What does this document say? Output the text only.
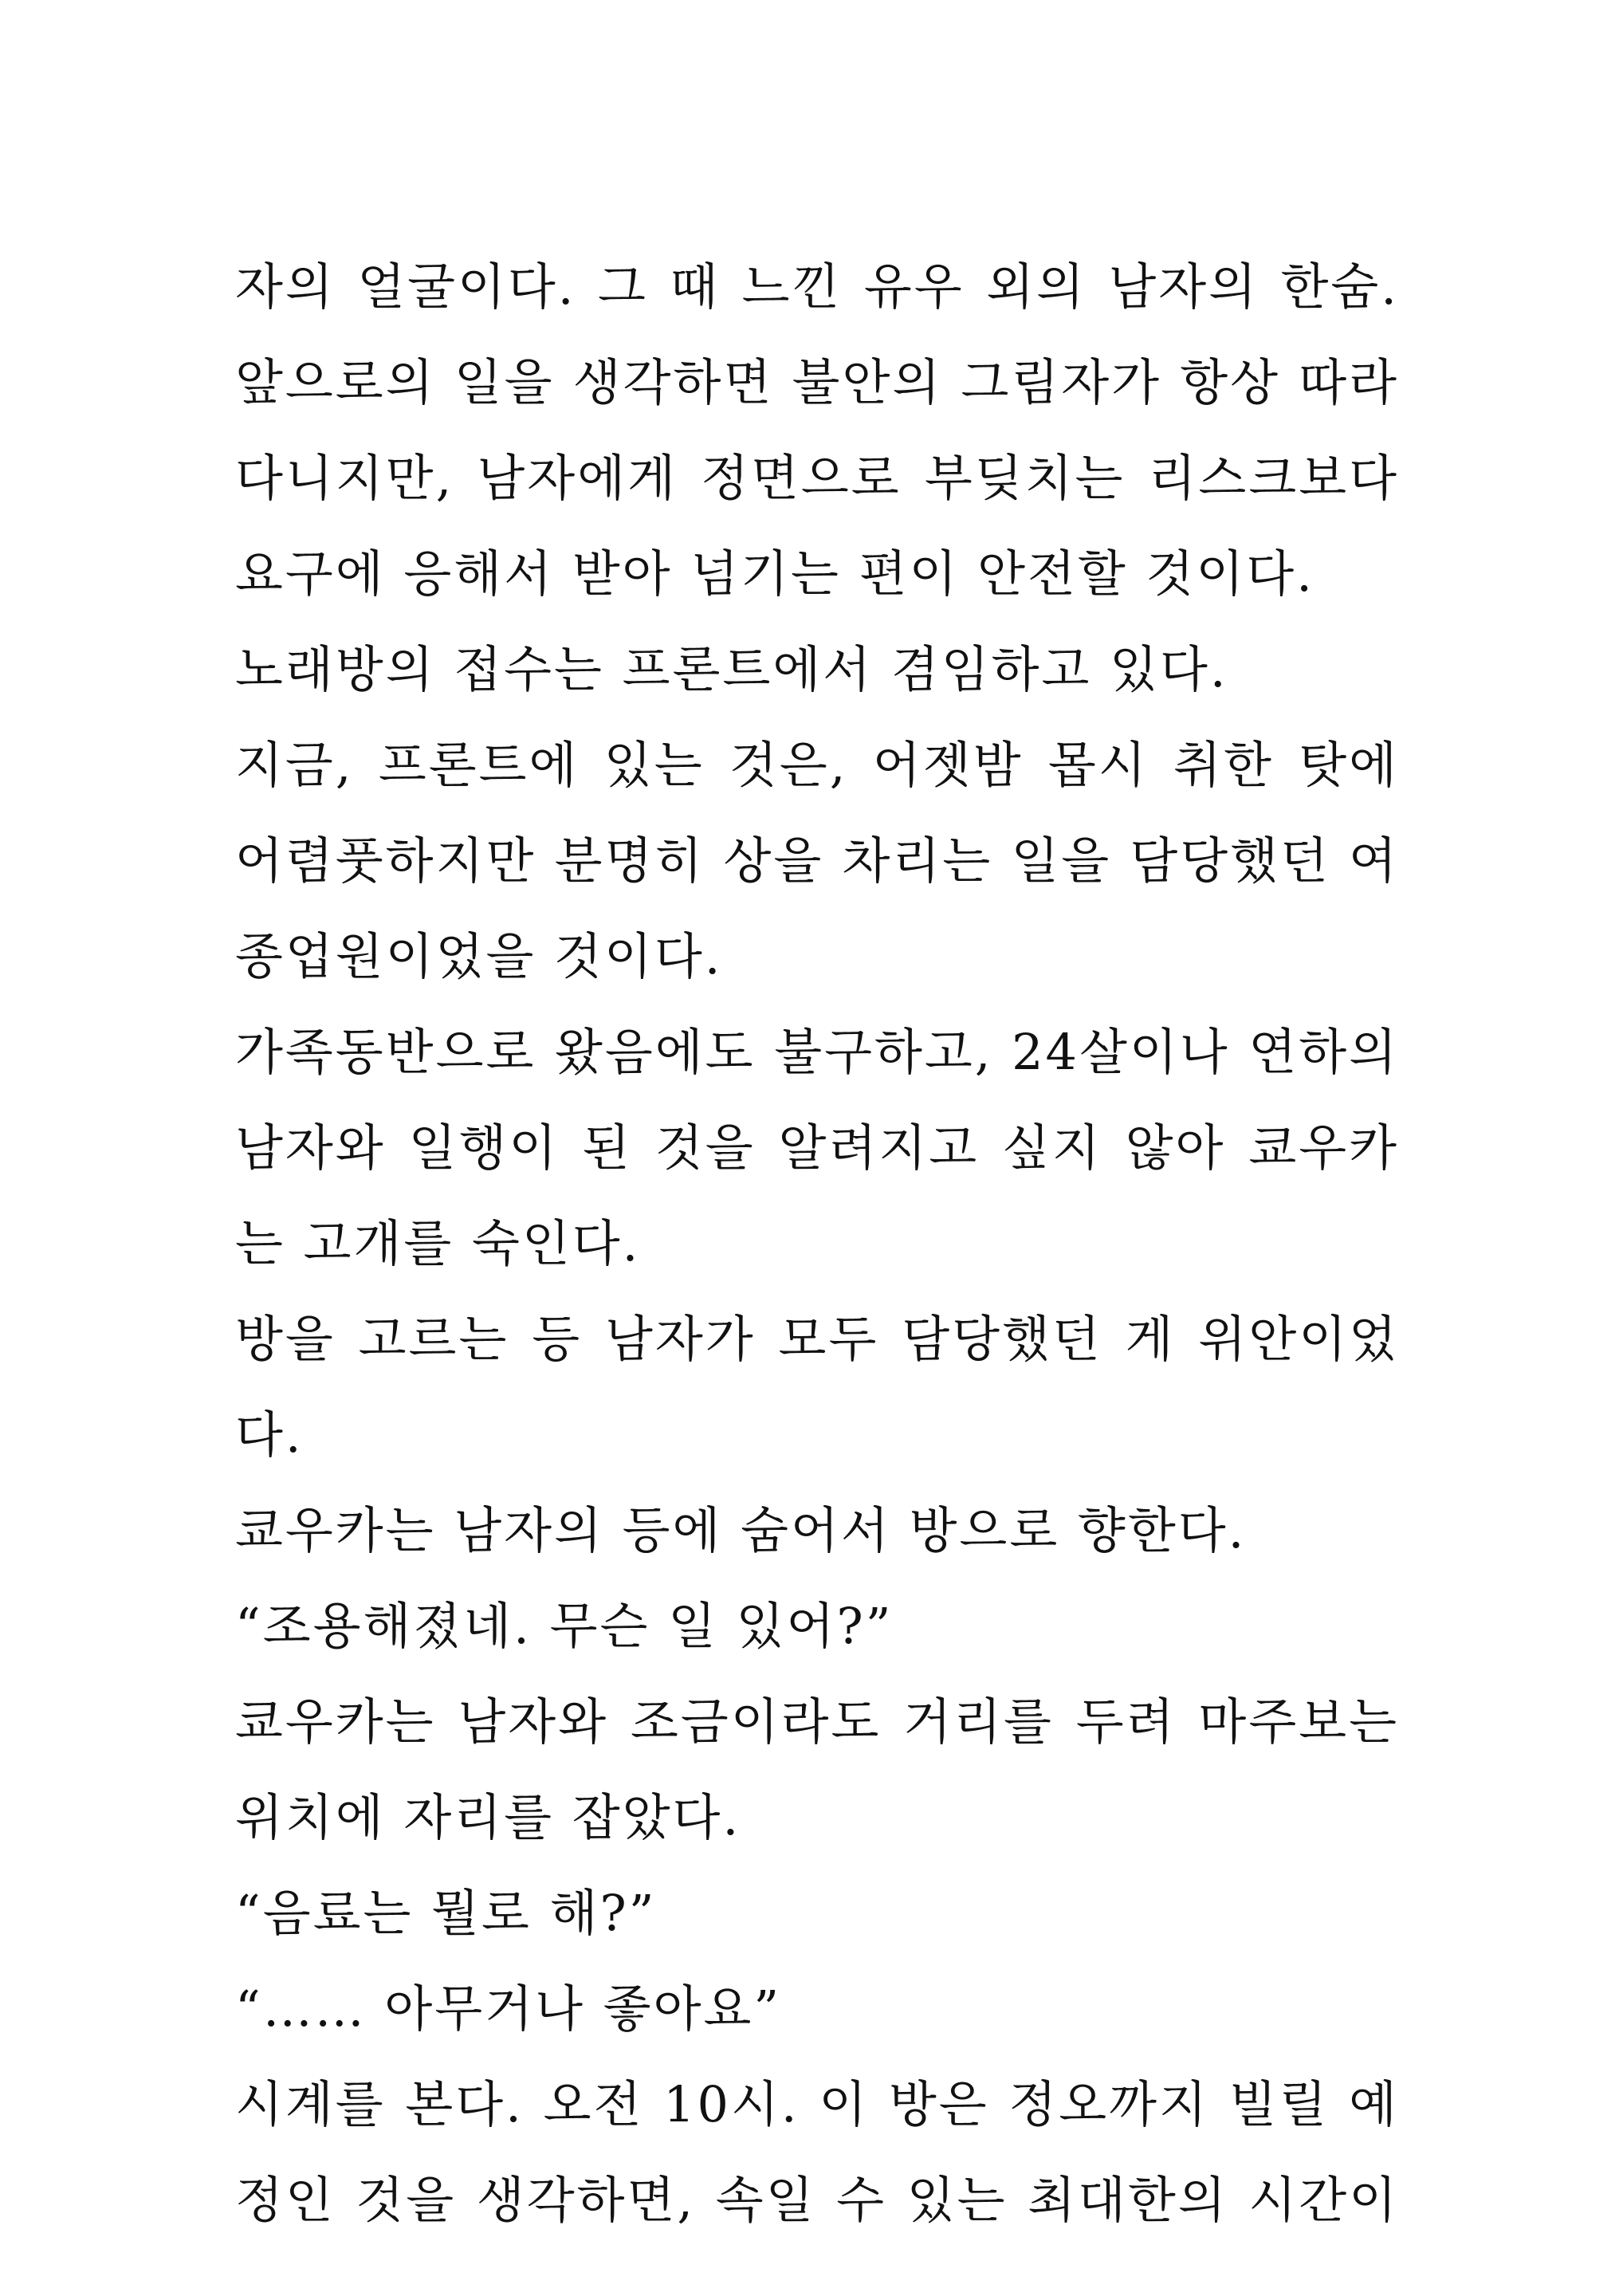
자의 얼굴이다. 그 때 느낀 유우 외의 남자의 한숨.
앞으로의 일을 생각하면 불안의 그림자가 항상 따라
다니지만, 남자에게 정면으로 부딪치는 리스크보다
요구에 응해서 받아 넘기는 편이 안전할 것이다.
노래방의 접수는 프론트에서 겸임하고 있다.
지금, 프론트에 있는 것은, 어젯밤 몹시 취한 탓에
어렴풋하지만 분명히 상을 차리는 일을 담당했던 여
종업원이었을 것이다.
가족동반으로 왔음에도 불구하고, 24살이나 연하의
남자와 일행이 된 것을 알려지고 싶지 않아 쿄우카
는 고개를 숙인다.
방을 고르는 등 남자가 모두 담당했던 게 위안이었
다.
쿄우카는 남자의 등에 숨어서 방으로 향한다.
“조용해졌네. 무슨 일 있어?”
쿄우카는 남자와 조금이라도 거리를 두려 마주보는
위치에 자리를 잡았다.
“음료는 뭘로 해?”
“…… 아무거나 좋아요”
시계를 본다. 오전 10시. 이 방은 정오까지 빌릴 예
정인 것을 생각하면, 속일 수 있는 최대한의 시간이
